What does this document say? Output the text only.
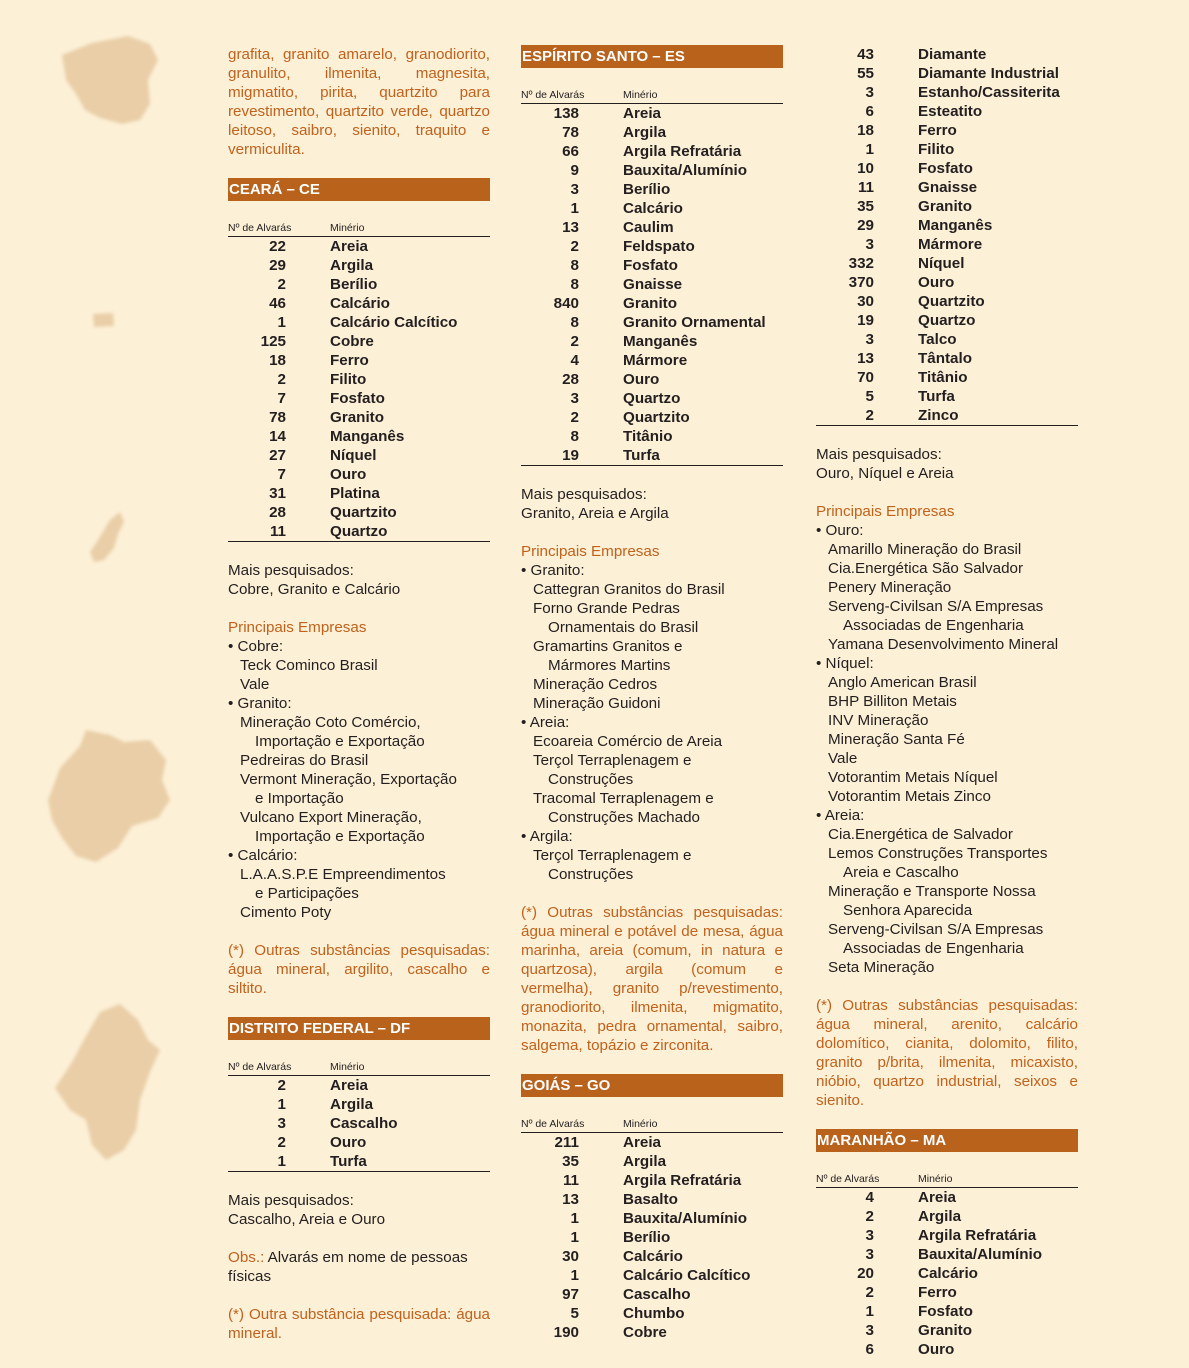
grafita, granito amarelo, granodiorito, granulito, ilmenita, magnesita, migmatito, pirita, quartzito para revestimento, quartzito verde, quartzo leitoso, saibro, sienito, traquito e vermiculita.

CEARÁ – CE
Nº de Alvarás	Minério
22	Areia
29	Argila
2	Berílio
46	Calcário
1	Calcário Calcítico
125	Cobre
18	Ferro
2	Filito
7	Fosfato
78	Granito
14	Manganês
27	Níquel
7	Ouro
31	Platina
28	Quartzito
11	Quartzo

Mais pesquisados:

Cobre, Granito e Calcário

Principais Empresas

• Cobre:
Teck Cominco Brasil
Vale
• Granito:
Mineração Coto Comércio,
Importação e Exportação
Pedreiras do Brasil
Vermont Mineração, Exportação
e Importação
Vulcano Export Mineração,
Importação e Exportação
• Calcário:
L.A.A.S.P.E Empreendimentos
e Participações
Cimento Poty

(*) Outras substâncias pesquisadas: água mineral, argilito, cascalho e siltito.

DISTRITO FEDERAL – DF
Nº de Alvarás	Minério
2	Areia
1	Argila
3	Cascalho
2	Ouro
1	Turfa

Mais pesquisados:

Cascalho, Areia e Ouro

Obs.: Alvarás em nome de pessoas físicas

(*) Outra substância pesquisada: água mineral.

ESPÍRITO SANTO – ES
Nº de Alvarás	Minério
138	Areia
78	Argila
66	Argila Refratária
9	Bauxita/Alumínio
3	Berílio
1	Calcário
13	Caulim
2	Feldspato
8	Fosfato
8	Gnaisse
840	Granito
8	Granito Ornamental
2	Manganês
4	Mármore
28	Ouro
3	Quartzo
2	Quartzito
8	Titânio
19	Turfa

Mais pesquisados:

Granito, Areia e Argila

Principais Empresas

• Granito:
Cattegran Granitos do Brasil
Forno Grande Pedras
Ornamentais do Brasil
Gramartins Granitos e
Mármores Martins
Mineração Cedros
Mineração Guidoni
• Areia:
Ecoareia Comércio de Areia
Terçol Terraplenagem e
Construções
Tracomal Terraplenagem e
Construções Machado
• Argila:
Terçol Terraplenagem e
Construções

(*) Outras substâncias pesquisadas: água mineral e potável de mesa, água marinha, areia (comum, in natura e quartzosa), argila (comum e vermelha), granito p/revestimento, granodiorito, ilmenita, migmatito, monazita, pedra ornamental, saibro, salgema, topázio e zirconita.

GOIÁS – GO
Nº de Alvarás	Minério
211	Areia
35	Argila
11	Argila Refratária
13	Basalto
1	Bauxita/Alumínio
1	Berílio
30	Calcário
1	Calcário Calcítico
97	Cascalho
5	Chumbo
190	Cobre
43	Diamante
55	Diamante Industrial
3	Estanho/Cassiterita
6	Esteatito
18	Ferro
1	Filito
10	Fosfato
11	Gnaisse
35	Granito
29	Manganês
3	Mármore
332	Níquel
370	Ouro
30	Quartzito
19	Quartzo
3	Talco
13	Tântalo
70	Titânio
5	Turfa
2	Zinco

Mais pesquisados:

Ouro, Níquel e Areia

Principais Empresas

• Ouro:
Amarillo Mineração do Brasil
Cia.Energética São Salvador
Penery Mineração
Serveng-Civilsan S/A Empresas
Associadas de Engenharia
Yamana Desenvolvimento Mineral
• Níquel:
Anglo American Brasil
BHP Billiton Metais
INV Mineração
Mineração Santa Fé
Vale
Votorantim Metais Níquel
Votorantim Metais Zinco
• Areia:
Cia.Energética de Salvador
Lemos Construções Transportes
Areia e Cascalho
Mineração e Transporte Nossa
Senhora Aparecida
Serveng-Civilsan S/A Empresas
Associadas de Engenharia
Seta Mineração

(*) Outras substâncias pesquisadas: água mineral, arenito, calcário dolomítico, cianita, dolomito, filito, granito p/brita, ilmenita, micaxisto, nióbio, quartzo industrial, seixos e sienito.

MARANHÃO – MA
Nº de Alvarás	Minério
4	Areia
2	Argila
3	Argila Refratária
3	Bauxita/Alumínio
20	Calcário
2	Ferro
1	Fosfato
3	Granito
6	Ouro
